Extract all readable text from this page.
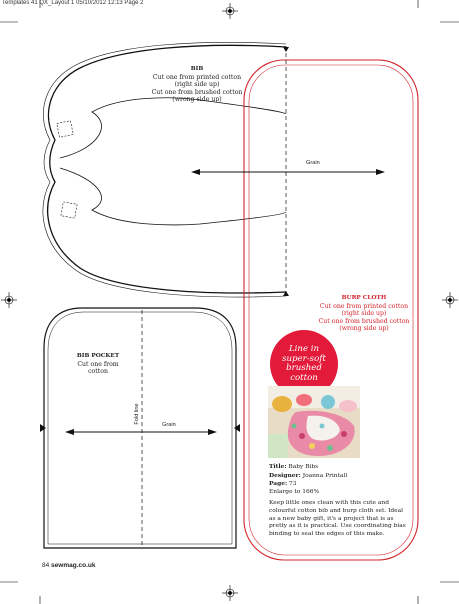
Templates 41 QX_Layout 1 05/10/2012 12:13 Page 2
BIB
Cut one from printed cotton
(right side up)
Cut one from brushed cotton
(wrong side up)
Grain
BURP CLOTH
Cut one from printed cotton
(right side up)
Cut one from brushed cotton
(wrong side up)
Line in
super-soft
brushed
cotton

Title: Baby Bibs

Designer: Joanna Printall

Page: 73

Enlarge to 166%

Keep little ones clean with this cute and colourful cotton bib and burp cloth set. Ideal as a new baby gift, it's a project that is as pretty as it is practical. Use coordinating bias binding to seal the edges of this make.

BIB POCKET
Cut one from
cotton
Fold line
Grain
84 sewmag.co.uk
